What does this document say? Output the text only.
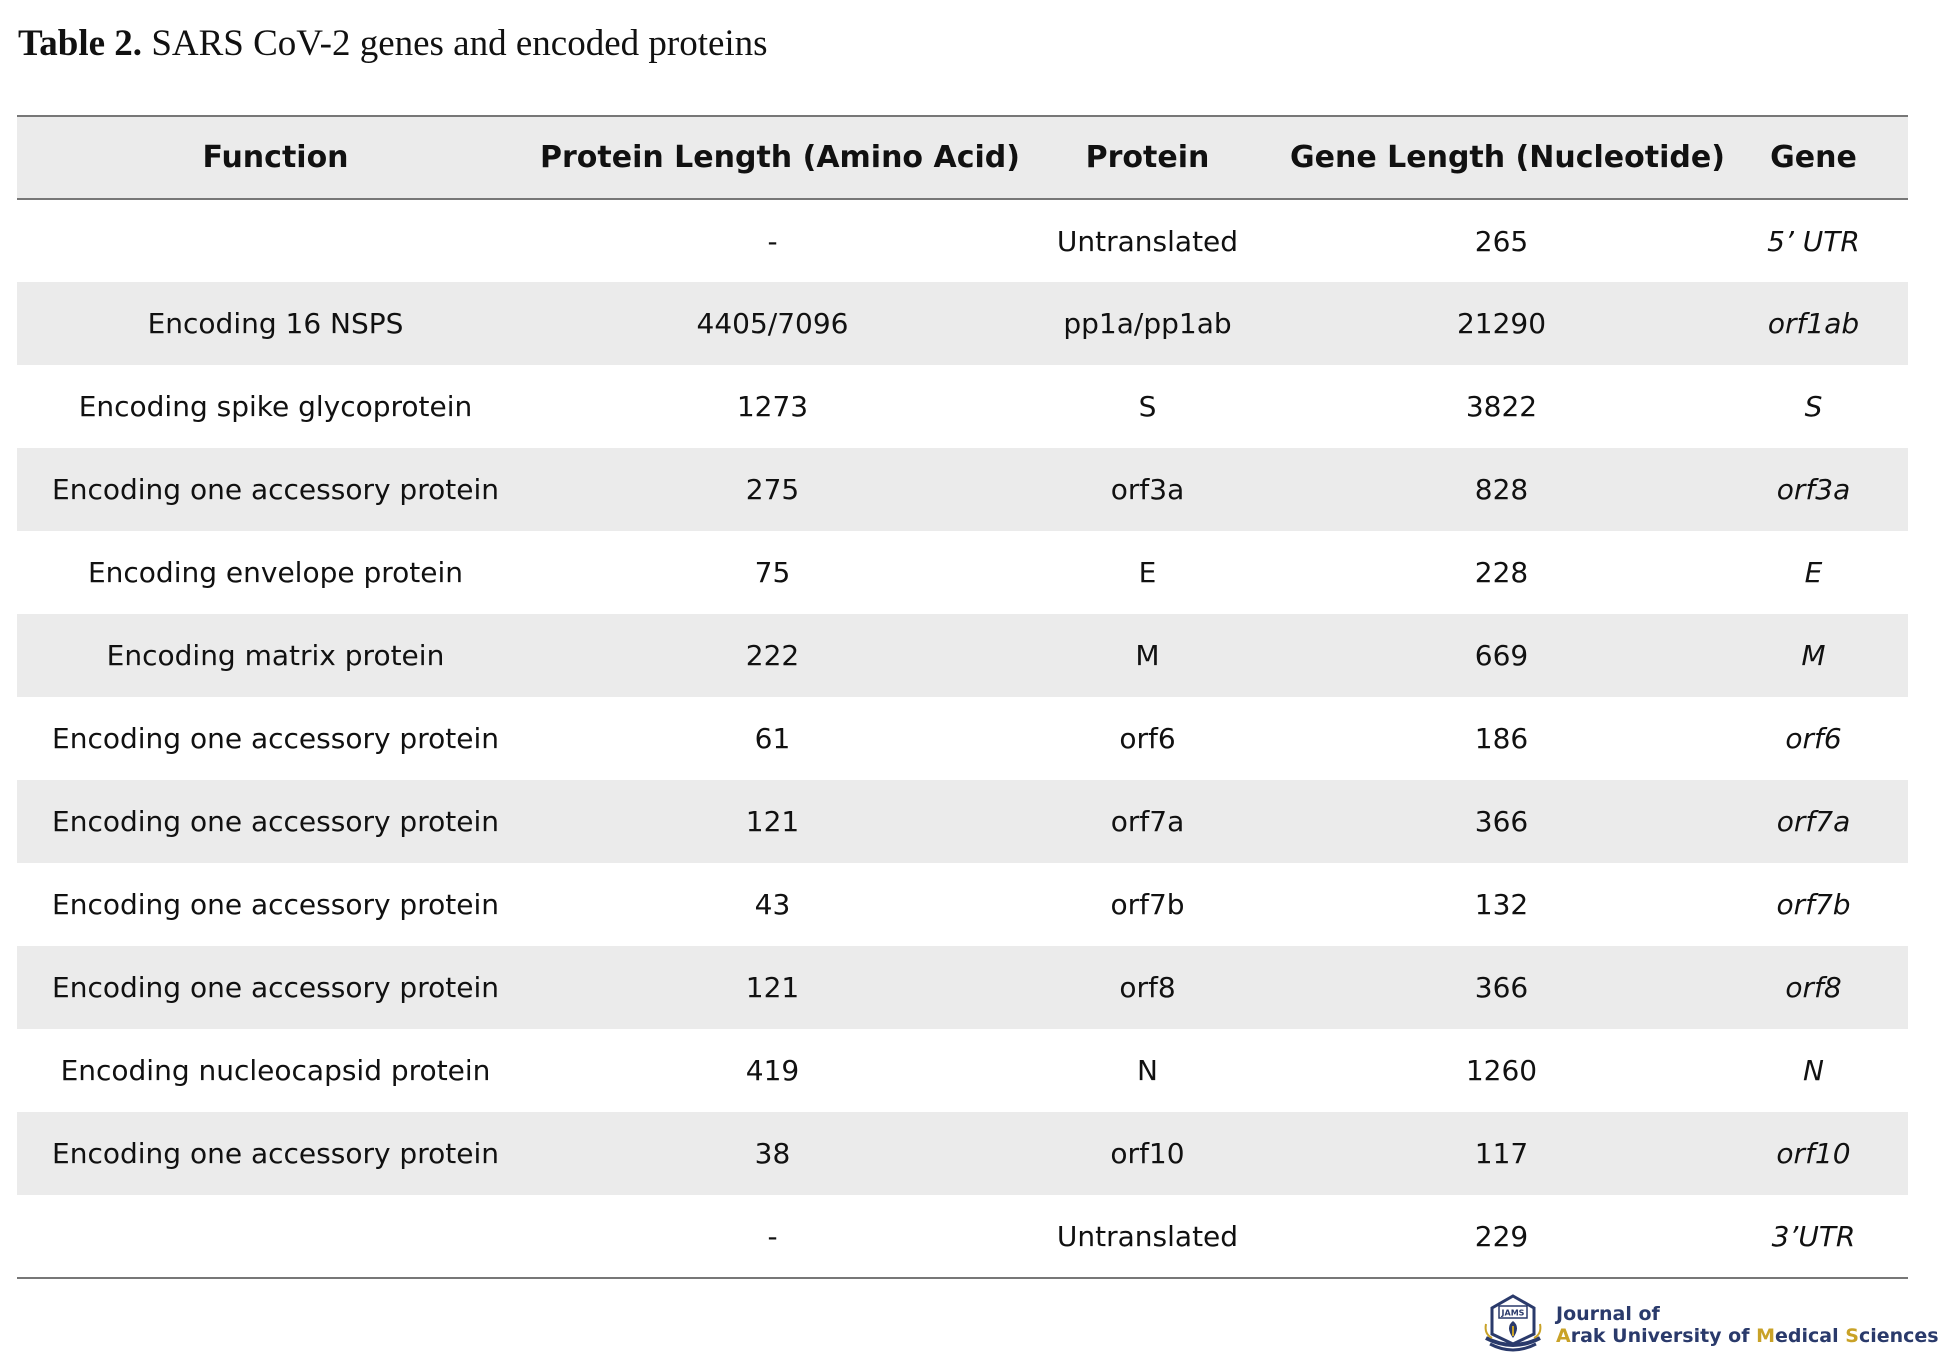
Table 2. SARS CoV-2 genes and encoded proteins
Function	Protein Length (Amino Acid)	Protein	Gene Length (Nucleotide)	Gene
	-	Untranslated	265	5’ UTR
Encoding 16 NSPS	4405/7096	pp1a/pp1ab	21290	orf1ab
Encoding spike glycoprotein	1273	S	3822	S
Encoding one accessory protein	275	orf3a	828	orf3a
Encoding envelope protein	75	E	228	E
Encoding matrix protein	222	M	669	M
Encoding one accessory protein	61	orf6	186	orf6
Encoding one accessory protein	121	orf7a	366	orf7a
Encoding one accessory protein	43	orf7b	132	orf7b
Encoding one accessory protein	121	orf8	366	orf8
Encoding nucleocapsid protein	419	N	1260	N
Encoding one accessory protein	38	orf10	117	orf10
	-	Untranslated	229	3’UTR
JAMS Journal of
Arak University of Medical Sciences
